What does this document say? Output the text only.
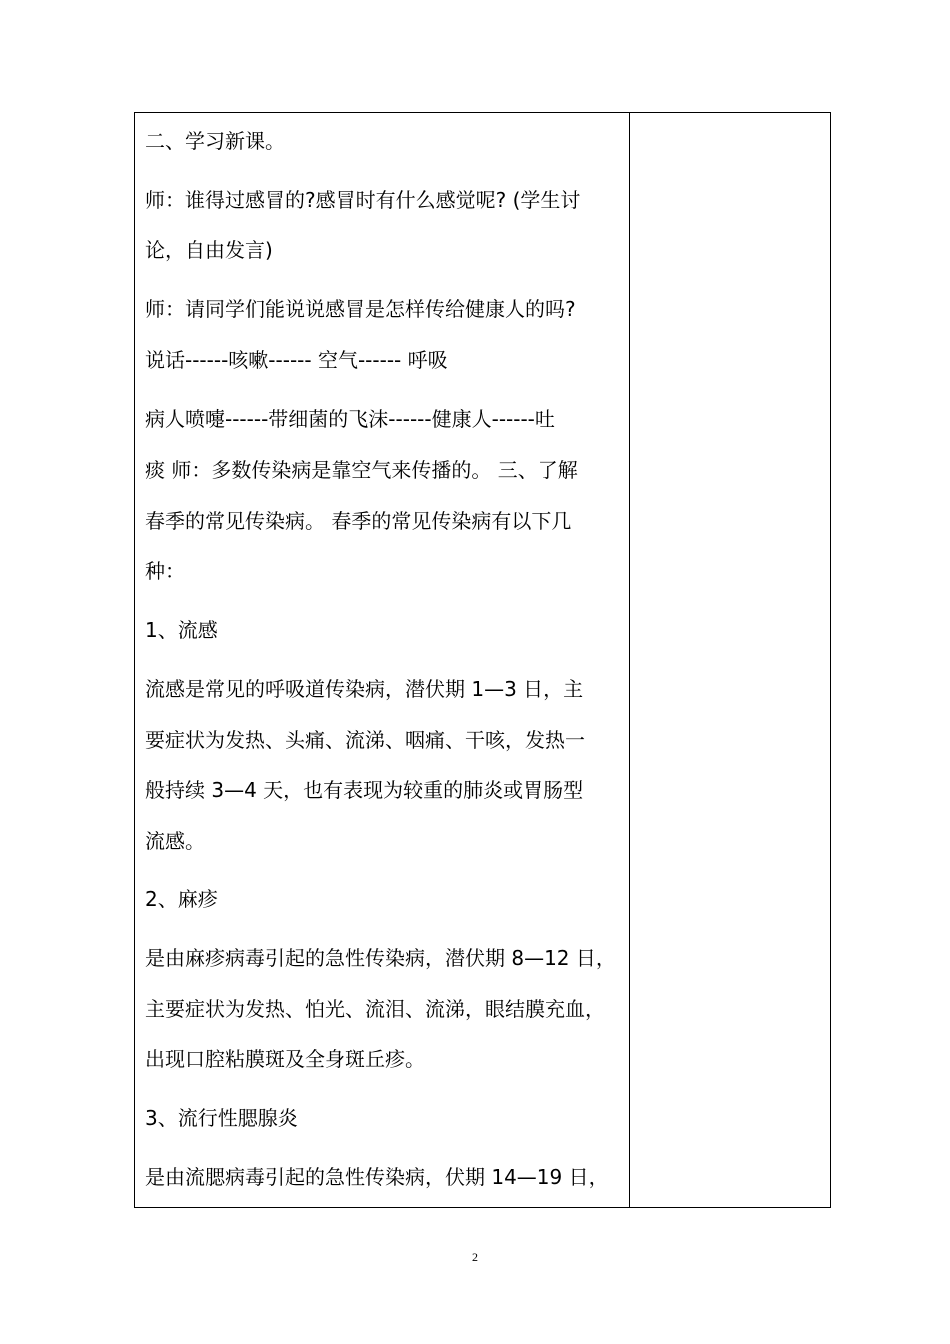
二、学习新课。
师：谁得过感冒的?感冒时有什么感觉呢? (学生讨
论，自由发言)
师：请同学们能说说感冒是怎样传给健康人的吗?
说话------咳嗽------ 空气------ 呼吸
病人喷嚏------带细菌的飞沫------健康人------吐
痰 师：多数传染病是靠空气来传播的。 三、了解
春季的常见传染病。 春季的常见传染病有以下几
种：
1、流感
流感是常见的呼吸道传染病，潜伏期 1—3 日，主
要症状为发热、头痛、流涕、咽痛、干咳，发热一
般持续 3—4 天，也有表现为较重的肺炎或胃肠型
流感。
2、麻疹
是由麻疹病毒引起的急性传染病，潜伏期 8—12 日，
主要症状为发热、怕光、流泪、流涕，眼结膜充血，
出现口腔粘膜斑及全身斑丘疹。
3、流行性腮腺炎
是由流腮病毒引起的急性传染病，伏期 14—19 日，
2
